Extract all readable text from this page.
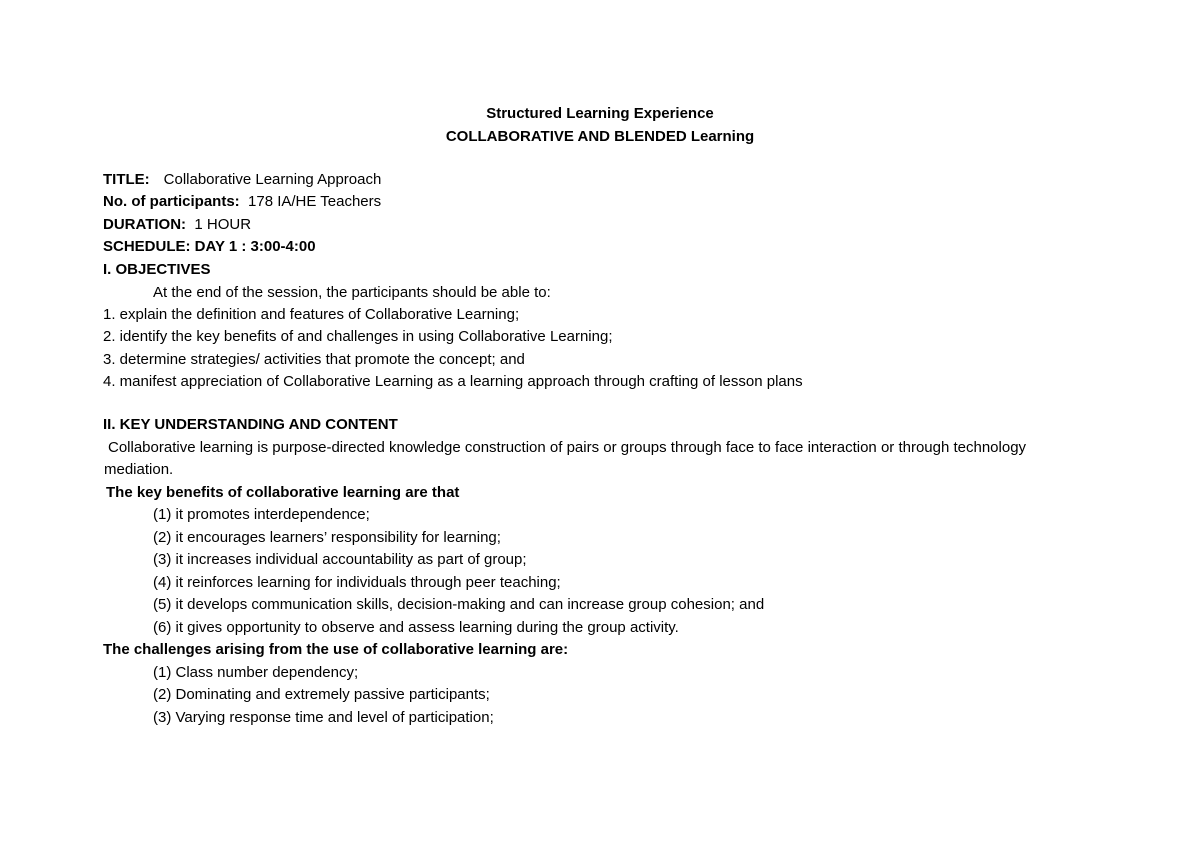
Structured Learning Experience
COLLABORATIVE AND BLENDED Learning
TITLE: Collaborative Learning Approach
No. of participants: 178 IA/HE Teachers
DURATION: 1 HOUR
SCHEDULE: DAY 1 : 3:00-4:00
I. OBJECTIVES
At the end of the session, the participants should be able to:
1. explain the definition and features of Collaborative Learning;
2. identify the key benefits of and challenges in using Collaborative Learning;
3. determine strategies/ activities that promote the concept; and
4. manifest appreciation of Collaborative Learning as a learning approach through crafting of lesson plans
II. KEY UNDERSTANDING AND CONTENT
Collaborative learning is purpose-directed knowledge construction of pairs or groups through face to face interaction or through technology mediation.
The key benefits of collaborative learning are that
(1) it promotes interdependence;
(2) it encourages learners’ responsibility for learning;
(3) it increases individual accountability as part of group;
(4) it reinforces learning for individuals through peer teaching;
(5) it develops communication skills, decision-making and can increase group cohesion; and
(6) it gives opportunity to observe and assess learning during the group activity.
The challenges arising from the use of collaborative learning are:
(1) Class number dependency;
(2) Dominating and extremely passive participants;
(3) Varying response time and level of participation;
